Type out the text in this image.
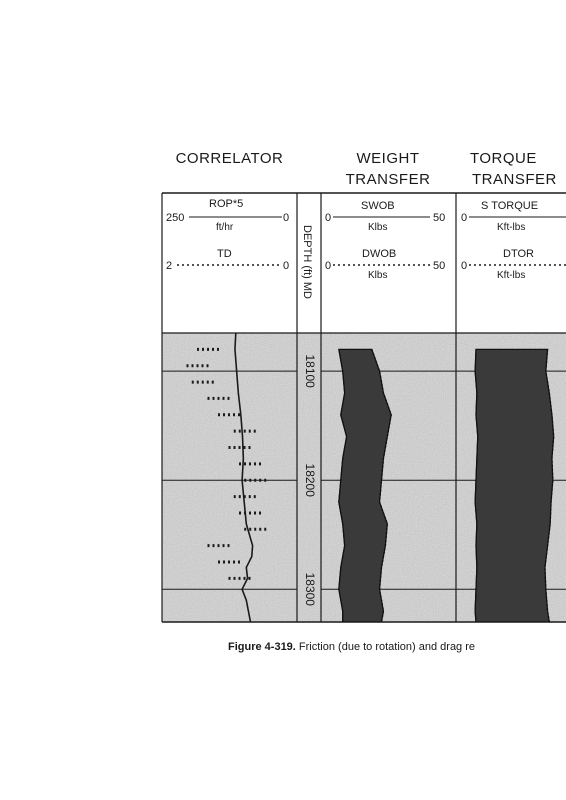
CORRELATOR	WEIGHT
TRANSFER
TORQUE
TRANSFER
250
ROP*5
ft/hr
0
2
TD
0
0
SWOB
Klbs
50
0
DWOB
Klbs
50
0
S TORQUE
Kft-lbs
0
DTOR
Kft-lbs
DEPTH (ft) MD
18100
18200
18300
Figure 4-319. Friction (due to rotation) and drag re
